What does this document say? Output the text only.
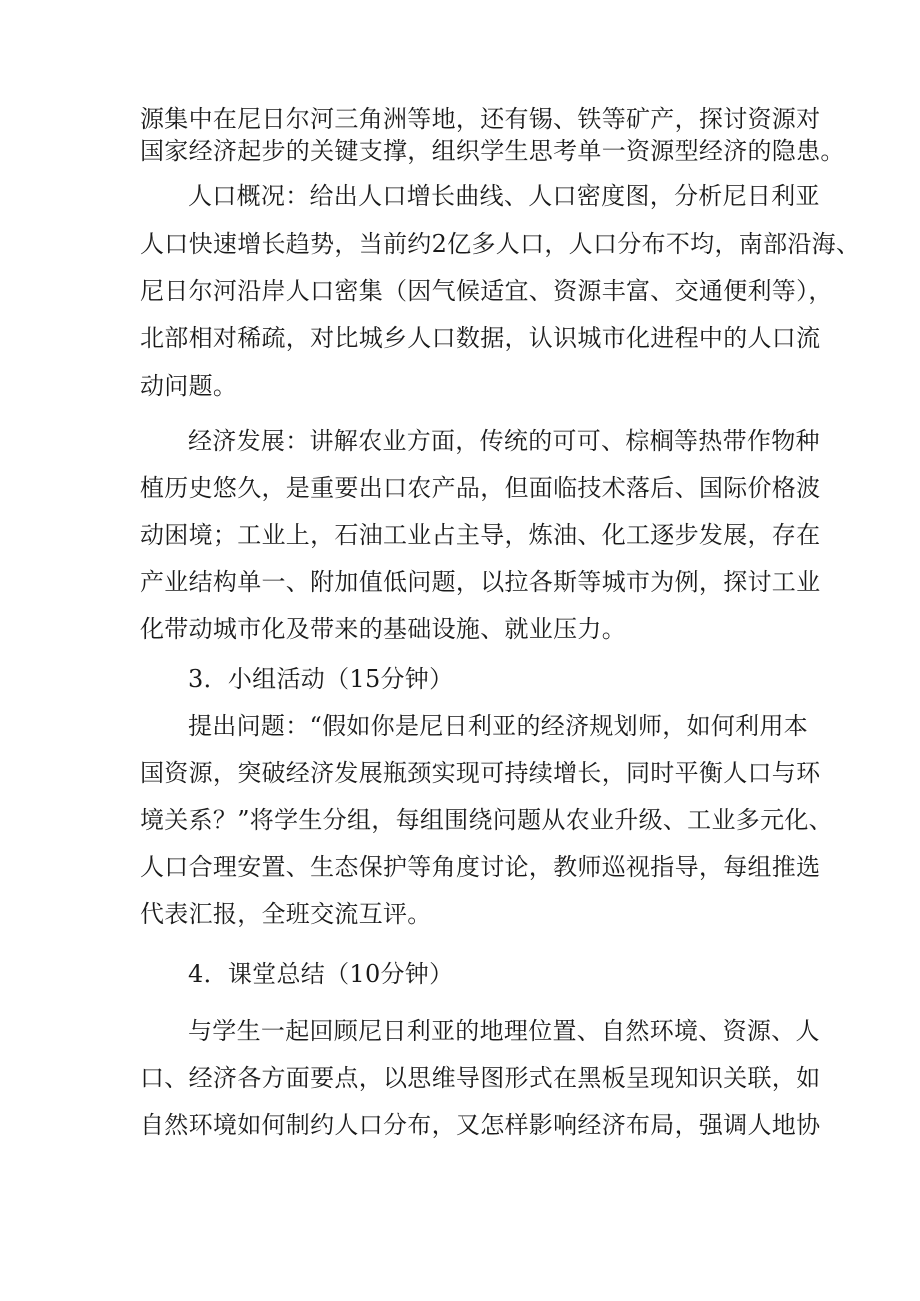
源集中在尼日尔河三角洲等地，还有锡、铁等矿产，探讨资源对
国家经济起步的关键支撑，组织学生思考单一资源型经济的隐患。
人口概况：给出人口增长曲线、人口密度图，分析尼日利亚
人口快速增长趋势，当前约2亿多人口，人口分布不均，南部沿海、
尼日尔河沿岸人口密集（因气候适宜、资源丰富、交通便利等），
北部相对稀疏，对比城乡人口数据，认识城市化进程中的人口流
动问题。
经济发展：讲解农业方面，传统的可可、棕榈等热带作物种
植历史悠久，是重要出口农产品，但面临技术落后、国际价格波
动困境；工业上，石油工业占主导，炼油、化工逐步发展，存在
产业结构单一、附加值低问题，以拉各斯等城市为例，探讨工业
化带动城市化及带来的基础设施、就业压力。
3．小组活动（15分钟）
提出问题：“假如你是尼日利亚的经济规划师，如何利用本
国资源，突破经济发展瓶颈实现可持续增长，同时平衡人口与环
境关系？”将学生分组，每组围绕问题从农业升级、工业多元化、
人口合理安置、生态保护等角度讨论，教师巡视指导，每组推选
代表汇报，全班交流互评。
4．课堂总结（10分钟）
与学生一起回顾尼日利亚的地理位置、自然环境、资源、人
口、经济各方面要点，以思维导图形式在黑板呈现知识关联，如
自然环境如何制约人口分布，又怎样影响经济布局，强调人地协
